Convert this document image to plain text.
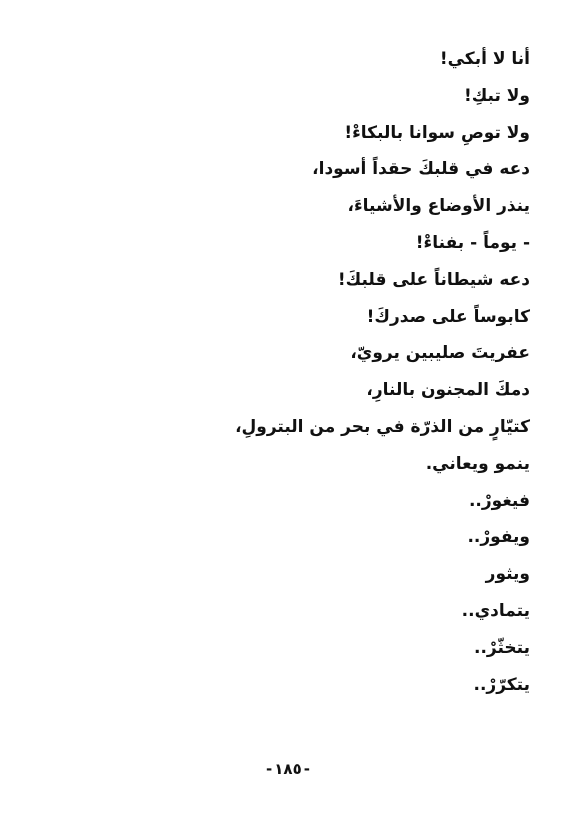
أنا لا أبكي!
ولا تبكِ!
ولا توصِ سوانا بالبكاءْ!
دعه في قلبكَ حقداً أسودا،
ينذر الأوضاع والأشياءَ،
- يوماً - بفناءْ!
دعه شيطاناً على قلبكَ!
كابوساً على صدركَ!
عفريتَ صليبين يرويّ،
دمكَ المجنون بالنارِ،
كتيّارٍ من الذرّة في بحر من البترولِ،
ينمو ويعاني.
فيغورْ..
ويفورْ..
ويثور
يتمادي..
يتخثّرْ..
يتكرّرْ..
-١٨٥-
